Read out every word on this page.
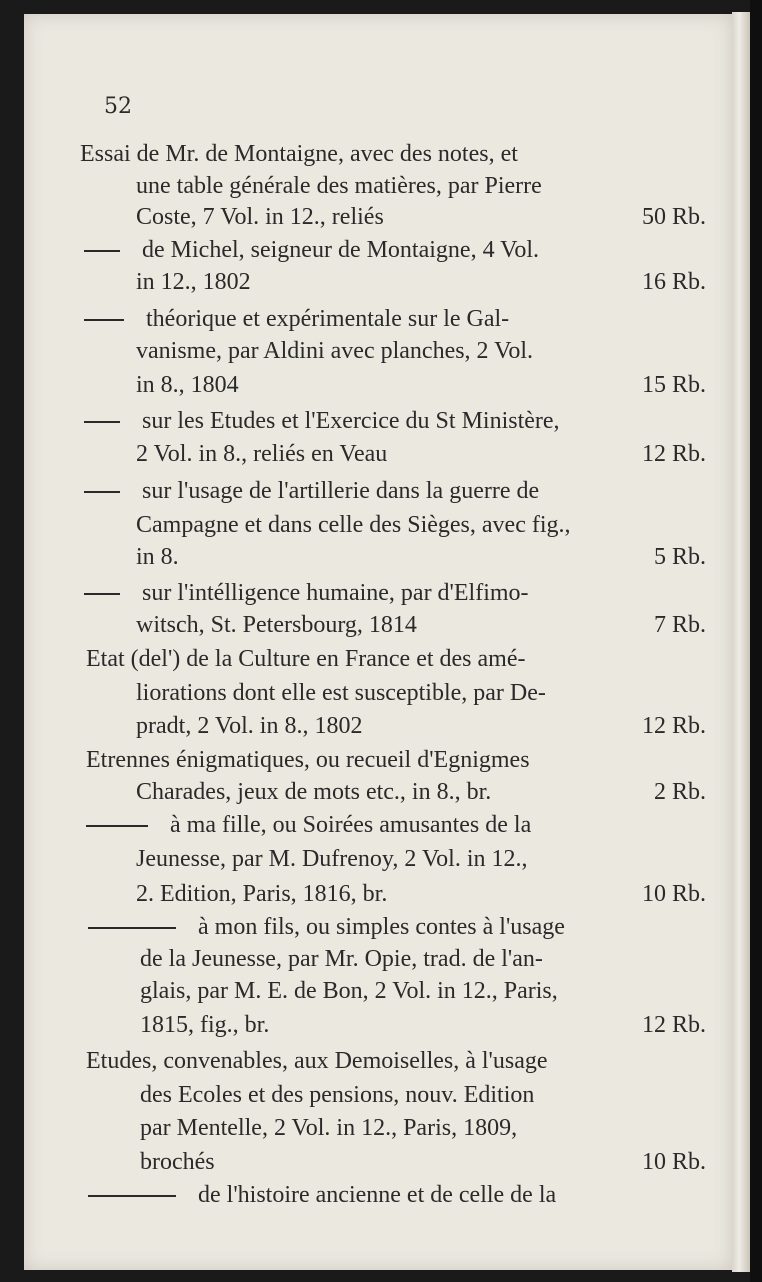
52
Essai de Mr. de Montaigne, avec des notes, et
une table générale des matières, par Pierre
Coste, 7 Vol. in 12., reliés	50 Rb.
de Michel, seigneur de Montaigne, 4 Vol.
in 12., 1802	16 Rb.
théorique et expérimentale sur le Gal-
vanisme, par Aldini avec planches, 2 Vol.
in 8., 1804	15 Rb.
sur les Etudes et l'Exercice du St Ministère,
2 Vol. in 8., reliés en Veau	12 Rb.
sur l'usage de l'artillerie dans la guerre de
Campagne et dans celle des Sièges, avec fig.,
in 8.	5 Rb.
sur l'intélligence humaine, par d'Elfimo-
witsch, St. Petersbourg, 1814	7 Rb.
Etat (del') de la Culture en France et des amé-
liorations dont elle est susceptible, par De-
pradt, 2 Vol. in 8., 1802	12 Rb.
Etrennes énigmatiques, ou recueil d'Egnigmes
Charades, jeux de mots etc., in 8., br.	2 Rb.
à ma fille, ou Soirées amusantes de la
Jeunesse, par M. Dufrenoy, 2 Vol. in 12.,
2. Edition, Paris, 1816, br.	10 Rb.
à mon fils, ou simples contes à l'usage
de la Jeunesse, par Mr. Opie, trad. de l'an-
glais, par M. E. de Bon, 2 Vol. in 12., Paris,
1815, fig., br.	12 Rb.
Etudes, convenables, aux Demoiselles, à l'usage
des Ecoles et des pensions, nouv. Edition
par Mentelle, 2 Vol. in 12., Paris, 1809,
brochés	10 Rb.
de l'histoire ancienne et de celle de la
